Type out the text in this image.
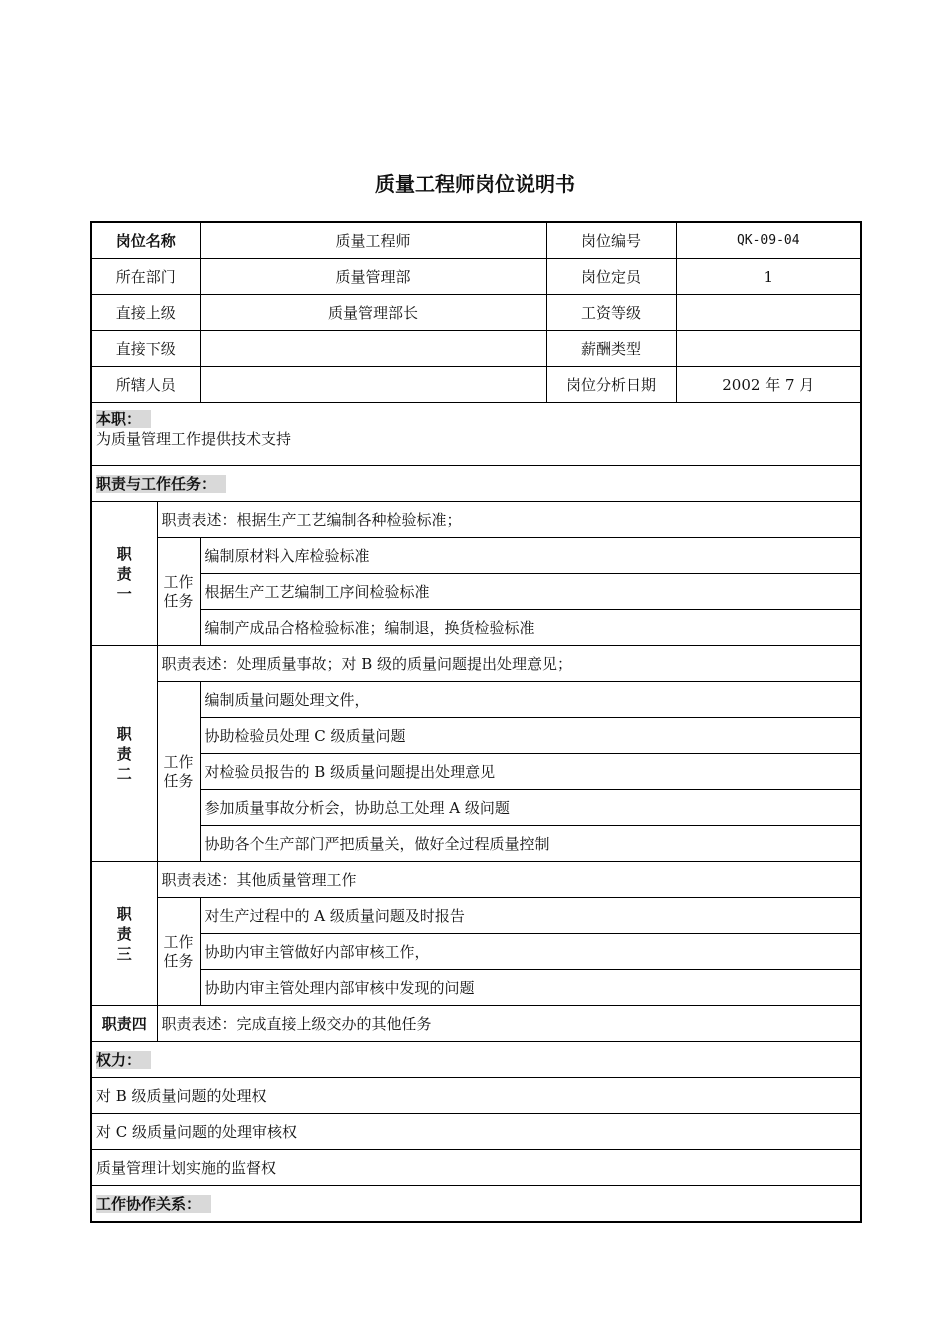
质量工程师岗位说明书
岗位名称		质量工程师	岗位编号	QK-09-04
所在部门		质量管理部	岗位定员	1
直接上级		质量管理部长	工资等级	
直接下级			薪酬类型	
所辖人员			岗位分析日期	2002 年 7 月

本职：
为质量管理工作提供技术支持				

职责与工作任务：				

职责一	职责表述：根据生产工艺编制各种检验标准；			

	工作任务	编制原材料入库检验标准		
		根据生产工艺编制工序间检验标准		
		编制产成品合格检验标准；编制退，换货检验标准		

职责二	职责表述：处理质量事故；对 B 级的质量问题提出处理意见；			

	工作任务	编制质量问题处理文件，		
		协助检验员处理 C 级质量问题		
		对检验员报告的 B 级质量问题提出处理意见		
		参加质量事故分析会，协助总工处理 A 级问题		
		协助各个生产部门严把质量关，做好全过程质量控制		

职责三	职责表述：其他质量管理工作			

	工作任务	对生产过程中的 A 级质量问题及时报告		
		协助内审主管做好内部审核工作，		
		协助内审主管处理内部审核中发现的问题		
职责四	职责表述：完成直接上级交办的其他任务			
权力：				
对 B 级质量问题的处理权				
对 C 级质量问题的处理审核权				
质量管理计划实施的监督权				
工作协作关系：				
